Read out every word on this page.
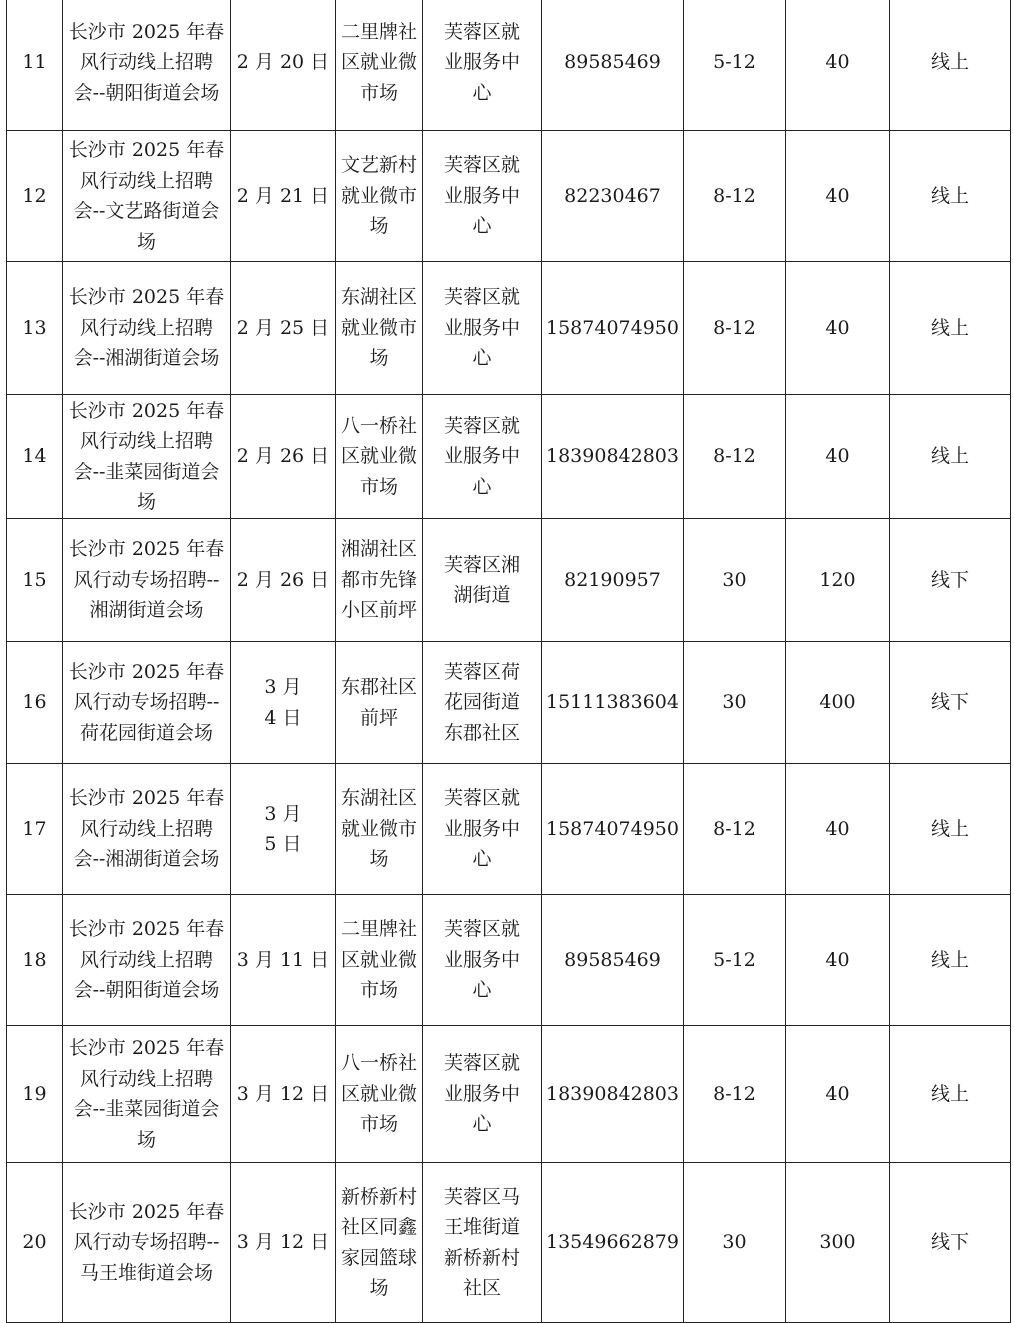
11	长沙市 2025 年春风行动线上招聘会--朝阳街道会场	2 月 20 日	二里牌社区就业微市场	芙蓉区就业服务中心	89585469	5-12	40	线上
12	长沙市 2025 年春风行动线上招聘会--文艺路街道会场	2 月 21 日	文艺新村就业微市场	芙蓉区就业服务中心	82230467	8-12	40	线上
13	长沙市 2025 年春风行动线上招聘会--湘湖街道会场	2 月 25 日	东湖社区就业微市场	芙蓉区就业服务中心	15874074950	8-12	40	线上
14	长沙市 2025 年春风行动线上招聘会--韭菜园街道会场	2 月 26 日	八一桥社区就业微市场	芙蓉区就业服务中心	18390842803	8-12	40	线上
15	长沙市 2025 年春风行动专场招聘--湘湖街道会场	2 月 26 日	湘湖社区都市先锋小区前坪	芙蓉区湘湖街道	82190957	30	120	线下
16	长沙市 2025 年春风行动专场招聘--荷花园街道会场	3 月 4 日	东郡社区前坪	芙蓉区荷花园街道东郡社区	15111383604	30	400	线下
17	长沙市 2025 年春风行动线上招聘会--湘湖街道会场	3 月 5 日	东湖社区就业微市场	芙蓉区就业服务中心	15874074950	8-12	40	线上
18	长沙市 2025 年春风行动线上招聘会--朝阳街道会场	3 月 11 日	二里牌社区就业微市场	芙蓉区就业服务中心	89585469	5-12	40	线上
19	长沙市 2025 年春风行动线上招聘会--韭菜园街道会场	3 月 12 日	八一桥社区就业微市场	芙蓉区就业服务中心	18390842803	8-12	40	线上
20	长沙市 2025 年春风行动专场招聘--马王堆街道会场	3 月 12 日	新桥新村社区同鑫家园篮球场	芙蓉区马王堆街道新桥新村社区	13549662879	30	300	线下
